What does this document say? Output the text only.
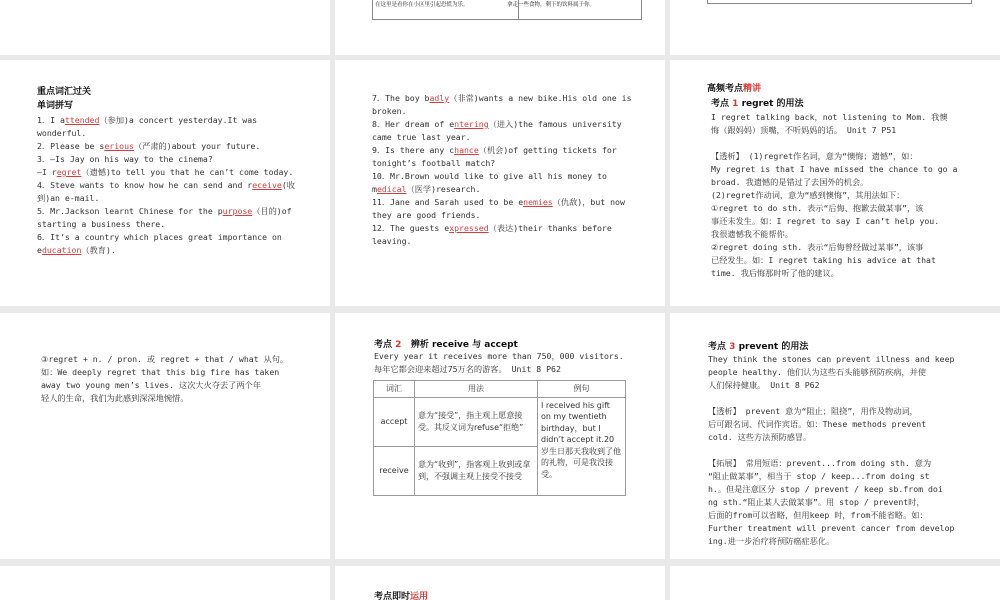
在这里是看你在小区里引起恐慌为乐。	拿走一些食物，剩下的饮料属于你。
重点词汇过关
单词拼写
1．I attended（参加)a concert yesterday.It was wonderful.
2．Please be serious（严肃的)about your future.
3．—Is Jay on his way to the cinema?
—I regret（遗憾)to tell you that he can’t come today.
4．Steve wants to know how he can send and receive(收到)an e-mail.
5．Mr.Jackson learnt Chinese for the purpose（目的)of starting a business there.
6．It’s a country which places great importance on education（教育).
7．The boy badly（非常)wants a new bike.His old one is broken.
8．Her dream of entering（进入)the famous university came true last year.
9．Is there any chance（机会)of getting tickets for tonight’s football match?
10．Mr.Brown would like to give all his money to medical（医学)research.
11．Jane and Sarah used to be enemies（仇敌)，but now they are good friends.
12．The guests expressed（表达)their thanks before leaving.
高频考点精讲
考点 1 regret 的用法
I regret talking back，not listening to Mom. 我懊
悔（跟妈妈）顶嘴，不听妈妈的话。 Unit 7 P51
【透析】 (1)regret作名词，意为“懊悔；遗憾”，如：
My regret is that I have missed the chance to go a
broad. 我遗憾的是错过了去国外的机会。
(2)regret作动词，意为“感到懊悔”，其用法如下：
①regret to do sth. 表示“后悔、抱歉去做某事”，该
事还未发生。如：I regret to say I can’t help you.
我很遗憾我不能帮你。
②regret doing sth. 表示“后悔曾经做过某事”，该事
已经发生。如：I regret taking his advice at that
time. 我后悔那时听了他的建议。
③regret + n. / pron. 或 regret + that / what 从句。
如：We deeply regret that this big fire has taken
away two young men’s lives. 这次大火夺去了两个年
轻人的生命，我们为此感到深深地惋惜。
考点 2 辨析 receive 与 accept
Every year it receives more than 750，000 visitors.
每年它都会迎来超过75万名的游客。 Unit 8 P62
词汇	用法	例句
accept	意为“接受”，指主观上愿意接受。其反义词为refuse“拒绝”	I received his gift on my twentieth birthday，but I didn’t accept it.20 岁生日那天我收到了他的礼物，可是我没接受。
receive	意为“收到”，指客观上收到或拿到，不强调主观上接受不接受	
考点 3 prevent 的用法
They think the stones can prevent illness and keep
people healthy. 他们认为这些石头能够预防疾病，并使
人们保持健康。 Unit 8 P62
【透析】 prevent 意为“阻止；阻挠”，用作及物动词，
后可跟名词、代词作宾语。如：These methods prevent
cold. 这些方法预防感冒。
【拓展】 常用短语：prevent...from doing sth. 意为
“阻止做某事”，相当于 stop / keep...from doing st
h.。但是注意区分 stop / prevent / keep sb.from doi
ng sth.“阻止某人去做某事”。用 stop / prevent时，
后面的from可以省略，但用keep 时，from不能省略。如：
Further treatment will prevent cancer from develop
ing.进一步治疗将预防癌症恶化。
考点即时运用
